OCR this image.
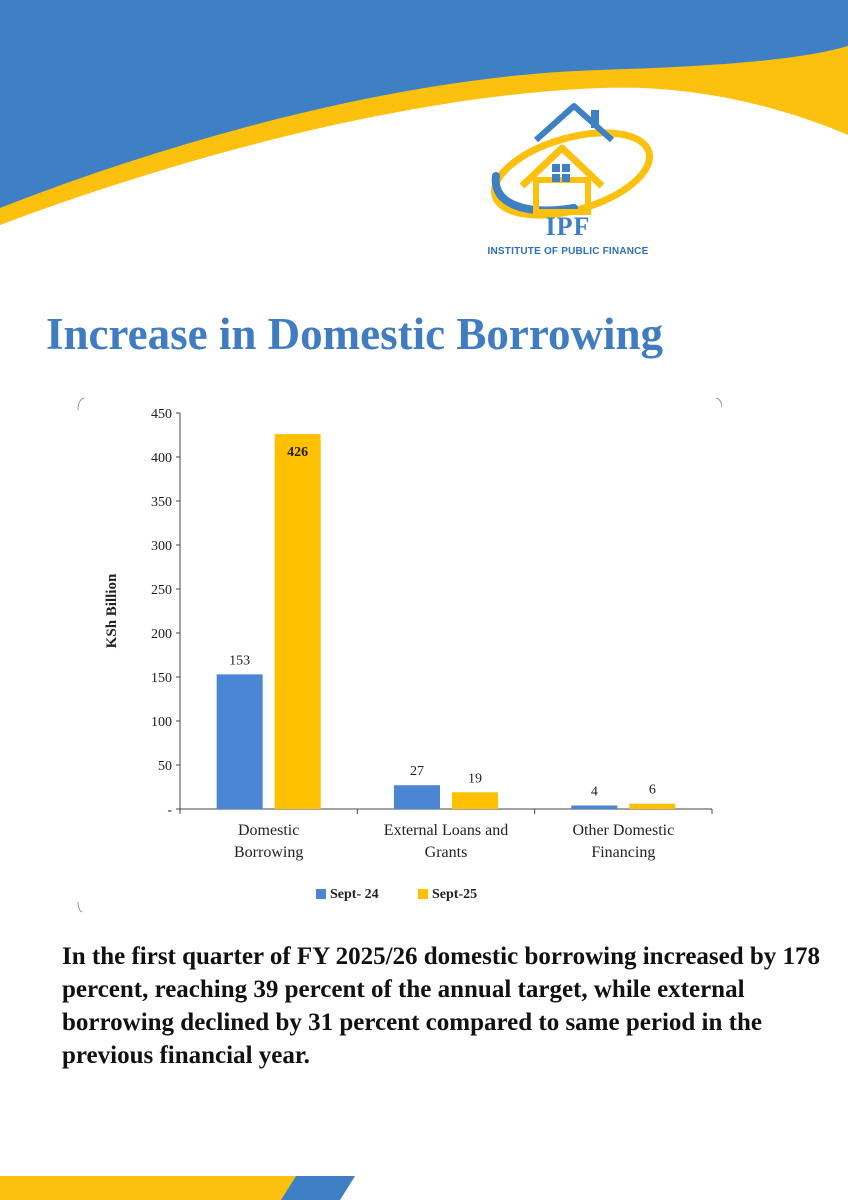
IPF
INSTITUTE OF PUBLIC FINANCE
Increase in Domestic Borrowing
450
400
350
300
250
200
150
100
50
-
KSh Billion
153
426
Domestic
Borrowing
27	19
External Loans and
Grants
4	6
Other Domestic
Financing
Sept- 24	Sept-25
In the first quarter of FY 2025/26 domestic borrowing increased by 178 percent, reaching 39 percent of the annual target, while external borrowing declined by 31 percent compared to same period in the previous financial year.
